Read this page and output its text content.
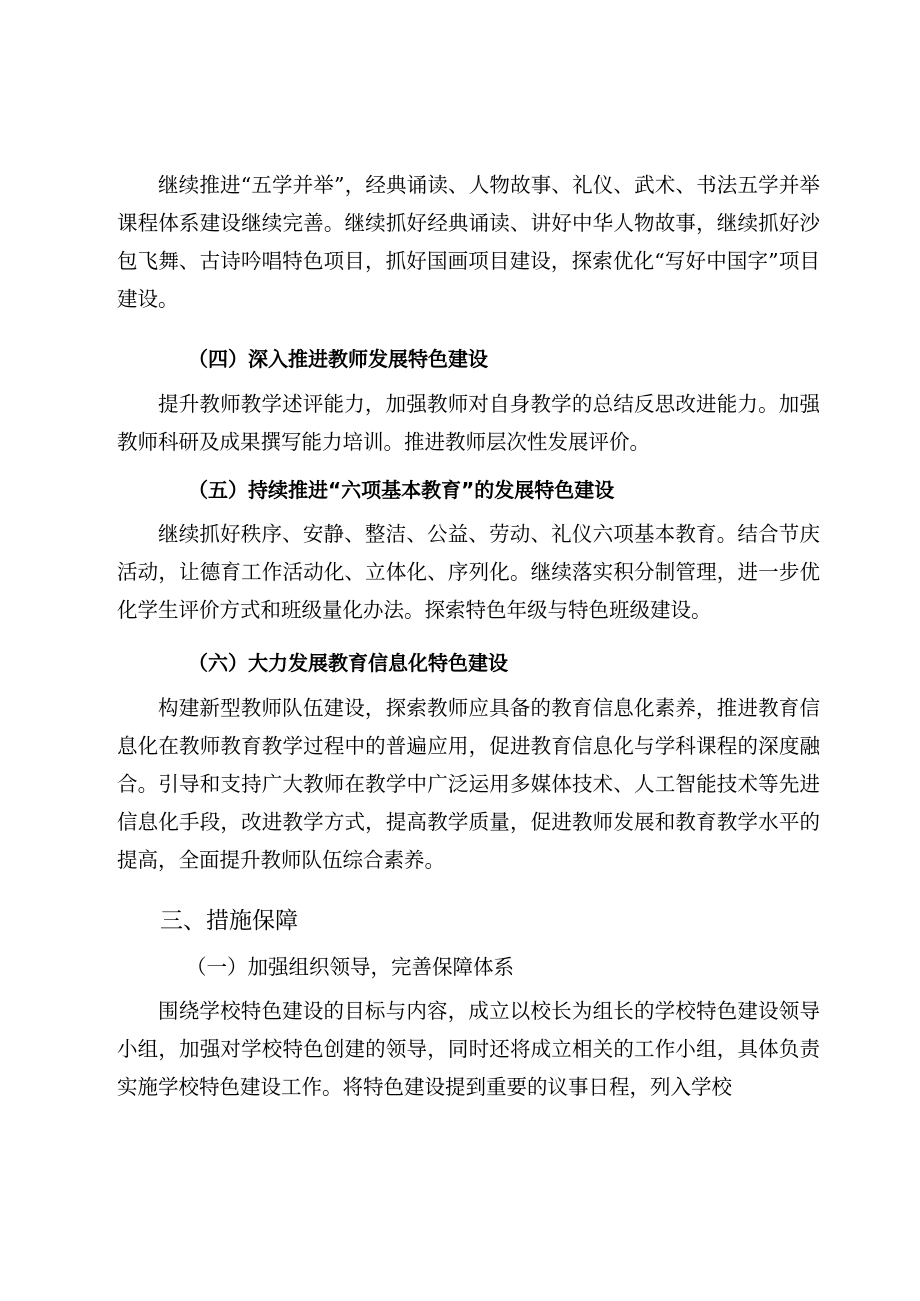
继续推进“五学并举”，经典诵读、人物故事、礼仪、武术、书法五学并举课程体系建设继续完善。继续抓好经典诵读、讲好中华人物故事，继续抓好沙包飞舞、古诗吟唱特色项目，抓好国画项目建设，探索优化“写好中国字”项目建设。

（四）深入推进教师发展特色建设

提升教师教学述评能力，加强教师对自身教学的总结反思改进能力。加强教师科研及成果撰写能力培训。推进教师层次性发展评价。

（五）持续推进“六项基本教育”的发展特色建设

继续抓好秩序、安静、整洁、公益、劳动、礼仪六项基本教育。结合节庆活动，让德育工作活动化、立体化、序列化。继续落实积分制管理，进一步优化学生评价方式和班级量化办法。探索特色年级与特色班级建设。

（六）大力发展教育信息化特色建设

构建新型教师队伍建设，探索教师应具备的教育信息化素养，推进教育信息化在教师教育教学过程中的普遍应用，促进教育信息化与学科课程的深度融合。引导和支持广大教师在教学中广泛运用多媒体技术、人工智能技术等先进信息化手段，改进教学方式，提高教学质量，促进教师发展和教育教学水平的提高，全面提升教师队伍综合素养。

三、措施保障

（一）加强组织领导，完善保障体系

围绕学校特色建设的目标与内容，成立以校长为组长的学校特色建设领导小组，加强对学校特色创建的领导，同时还将成立相关的工作小组，具体负责实施学校特色建设工作。将特色建设提到重要的议事日程，列入学校
